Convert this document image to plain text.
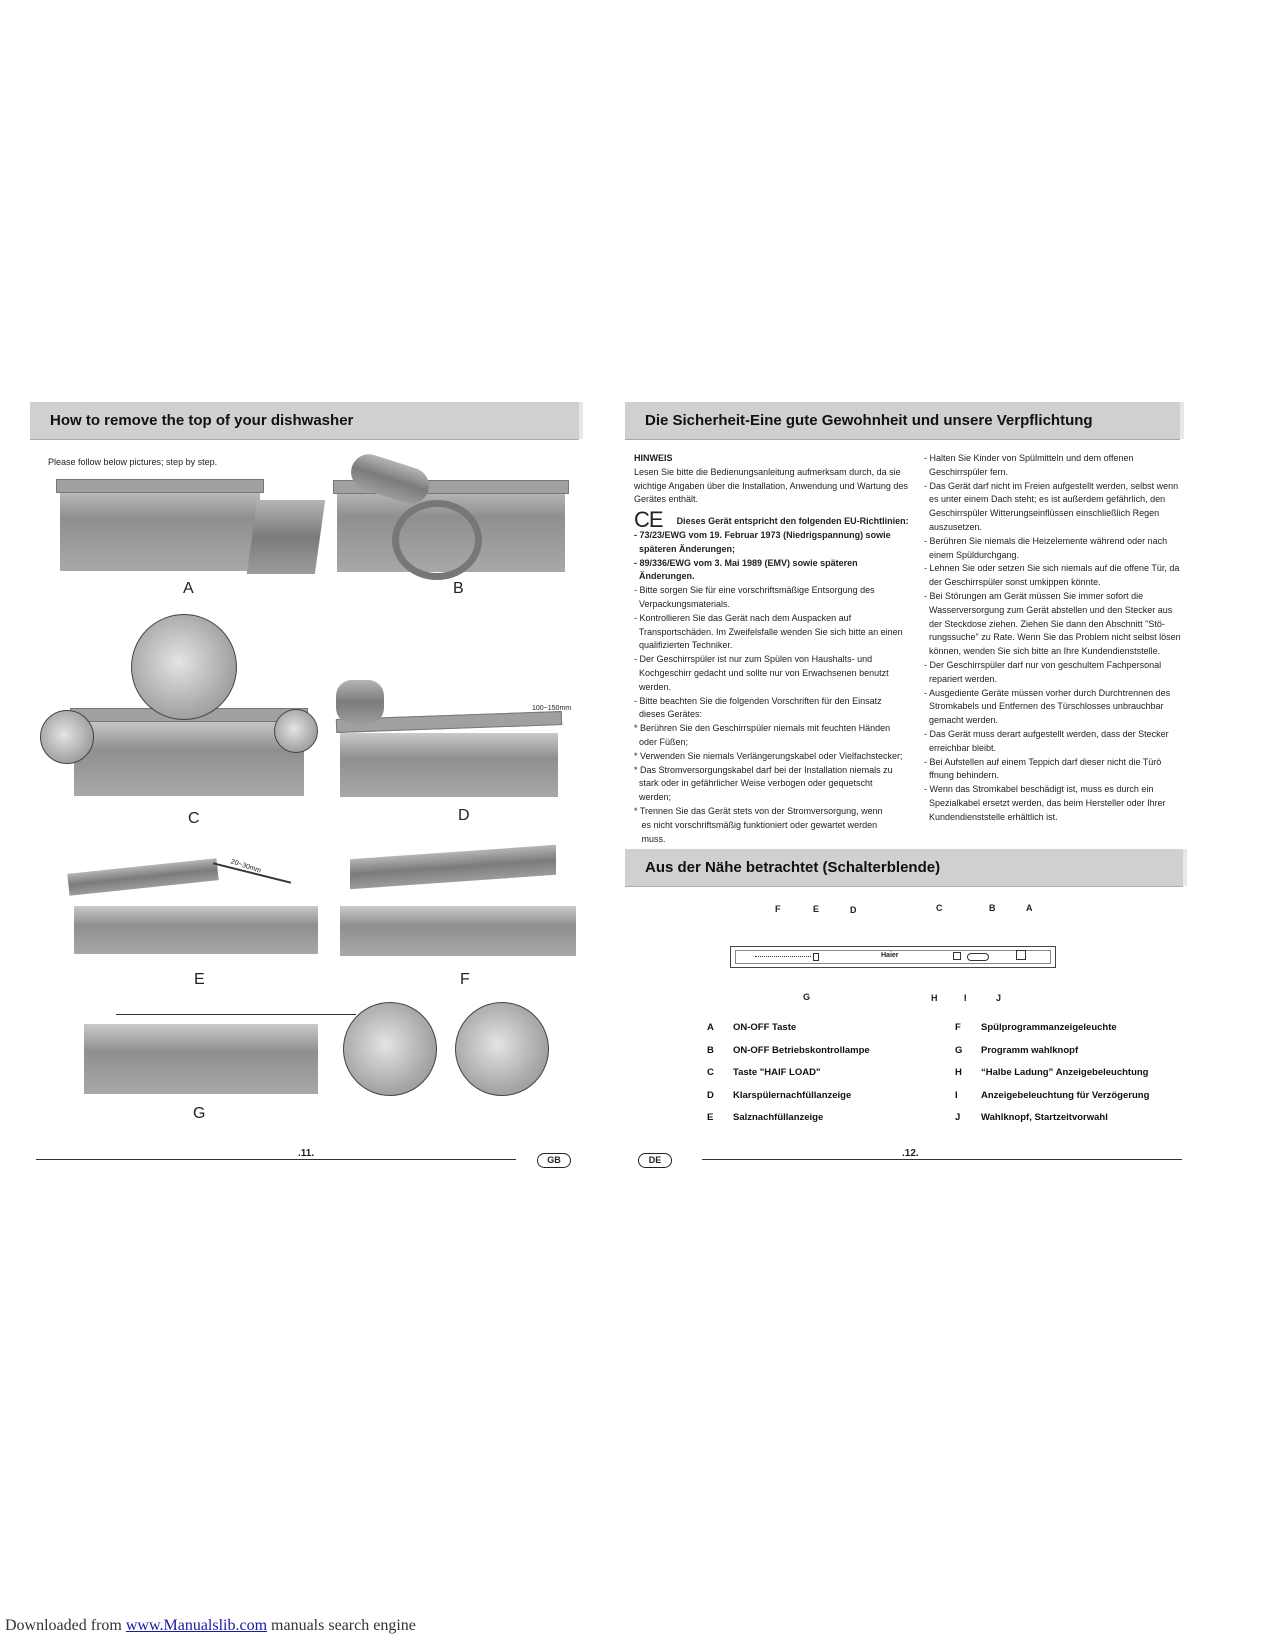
How to remove the top of your dishwasher
Please follow below pictures; step by step.
A	B
C
100~150mm
D
20~30mm
E	F
G
.11.
GB
Die Sicherheit-Eine gute Gewohnheit und unsere Verpflichtung

HINWEIS

Lesen Sie bitte die Bedienungsanleitung aufmerksam durch, da sie wichtige Angaben über die Installation, Anwendung und Wartung des Gerätes enthält.

CE Dieses Gerät entspricht den folgenden EU-Richtlinien:

- 73/23/EWG vom 19. Februar 1973 (Niedrigspannung) sowie

späteren Änderungen;

- 89/336/EWG vom 3. Mai 1989 (EMV) sowie späteren

Änderungen.

- Bitte sorgen Sie für eine vorschriftsmäßige Entsorgung des

Verpackungsmaterials.

- Kontrollieren Sie das Gerät nach dem Auspacken auf

Transportschäden. Im Zweifelsfalle wenden Sie sich bitte an einen

qualifizierten Techniker.

- Der Geschirrspüler ist nur zum Spülen von Haushalts- und

Kochgeschirr gedacht und sollte nur von Erwachsenen benutzt

werden.

- Bitte beachten Sie die folgenden Vorschriften für den Einsatz

dieses Gerätes:

* Berühren Sie den Geschirrspüler niemals mit feuchten Händen

oder Füßen;

* Verwenden Sie niemals Verlängerungskabel oder Vielfachstecker;

* Das Stromversorgungskabel darf bei der Installation niemals zu

stark oder in gefährlicher Weise verbogen oder gequetscht

werden;

* Trennen Sie das Gerät stets von der Stromversorgung, wenn

es nicht vorschriftsmäßig funktioniert oder gewartet werden

muss.

- Halten Sie Kinder von Spülmitteln und dem offenen

Geschirrspüler fern.

- Das Gerät darf nicht im Freien aufgestellt werden, selbst wenn

es unter einem Dach steht; es ist außerdem gefährlich, den

Geschirrspüler Witterungseinflüssen einschließlich Regen

auszusetzen.

- Berühren Sie niemals die Heizelemente während oder nach

einem Spüldurchgang.

- Lehnen Sie oder setzen Sie sich niemals auf die offene Tür, da

der Geschirrspüler sonst umkippen könnte.

- Bei Störungen am Gerät müssen Sie immer sofort die

Wasserversorgung zum Gerät abstellen und den Stecker aus

der Steckdose ziehen. Ziehen Sie dann den Abschnitt "Stö-

rungssuche" zu Rate. Wenn Sie das Problem nicht selbst lösen

können, wenden Sie sich bitte an Ihre Kundendienststelle.

- Der Geschirrspüler darf nur von geschultem Fachpersonal

repariert werden.

- Ausgediente Geräte müssen vorher durch Durchtrennen des

Stromkabels und Entfernen des Türschlosses unbrauchbar

gemacht werden.

- Das Gerät muss derart aufgestellt werden, dass der Stecker

erreichbar bleibt.

- Bei Aufstellen auf einem Teppich darf dieser nicht die Türö

ffnung behindern.

- Wenn das Stromkabel beschädigt ist, muss es durch ein

Spezialkabel ersetzt werden, das beim Hersteller oder Ihrer

Kundendienststelle erhältlich ist.

Aus der Nähe betrachtet (Schalterblende)
Haier
F	E	D	C	B	A
G	H	I	J
A ON-OFF Taste
B ON-OFF Betriebskontrollampe
C Taste "HAIF LOAD"
D Klarspülernachfüllanzeige
E Salznachfüllanzeige
F Spülprogrammanzeigeleuchte
G Programm wahlknopf
H “Halbe Ladung” Anzeigebeleuchtung
I Anzeigebeleuchtung für Verzögerung
J Wahlknopf, Startzeitvorwahl
DE
.12.
Downloaded from www.Manualslib.com manuals search engine
